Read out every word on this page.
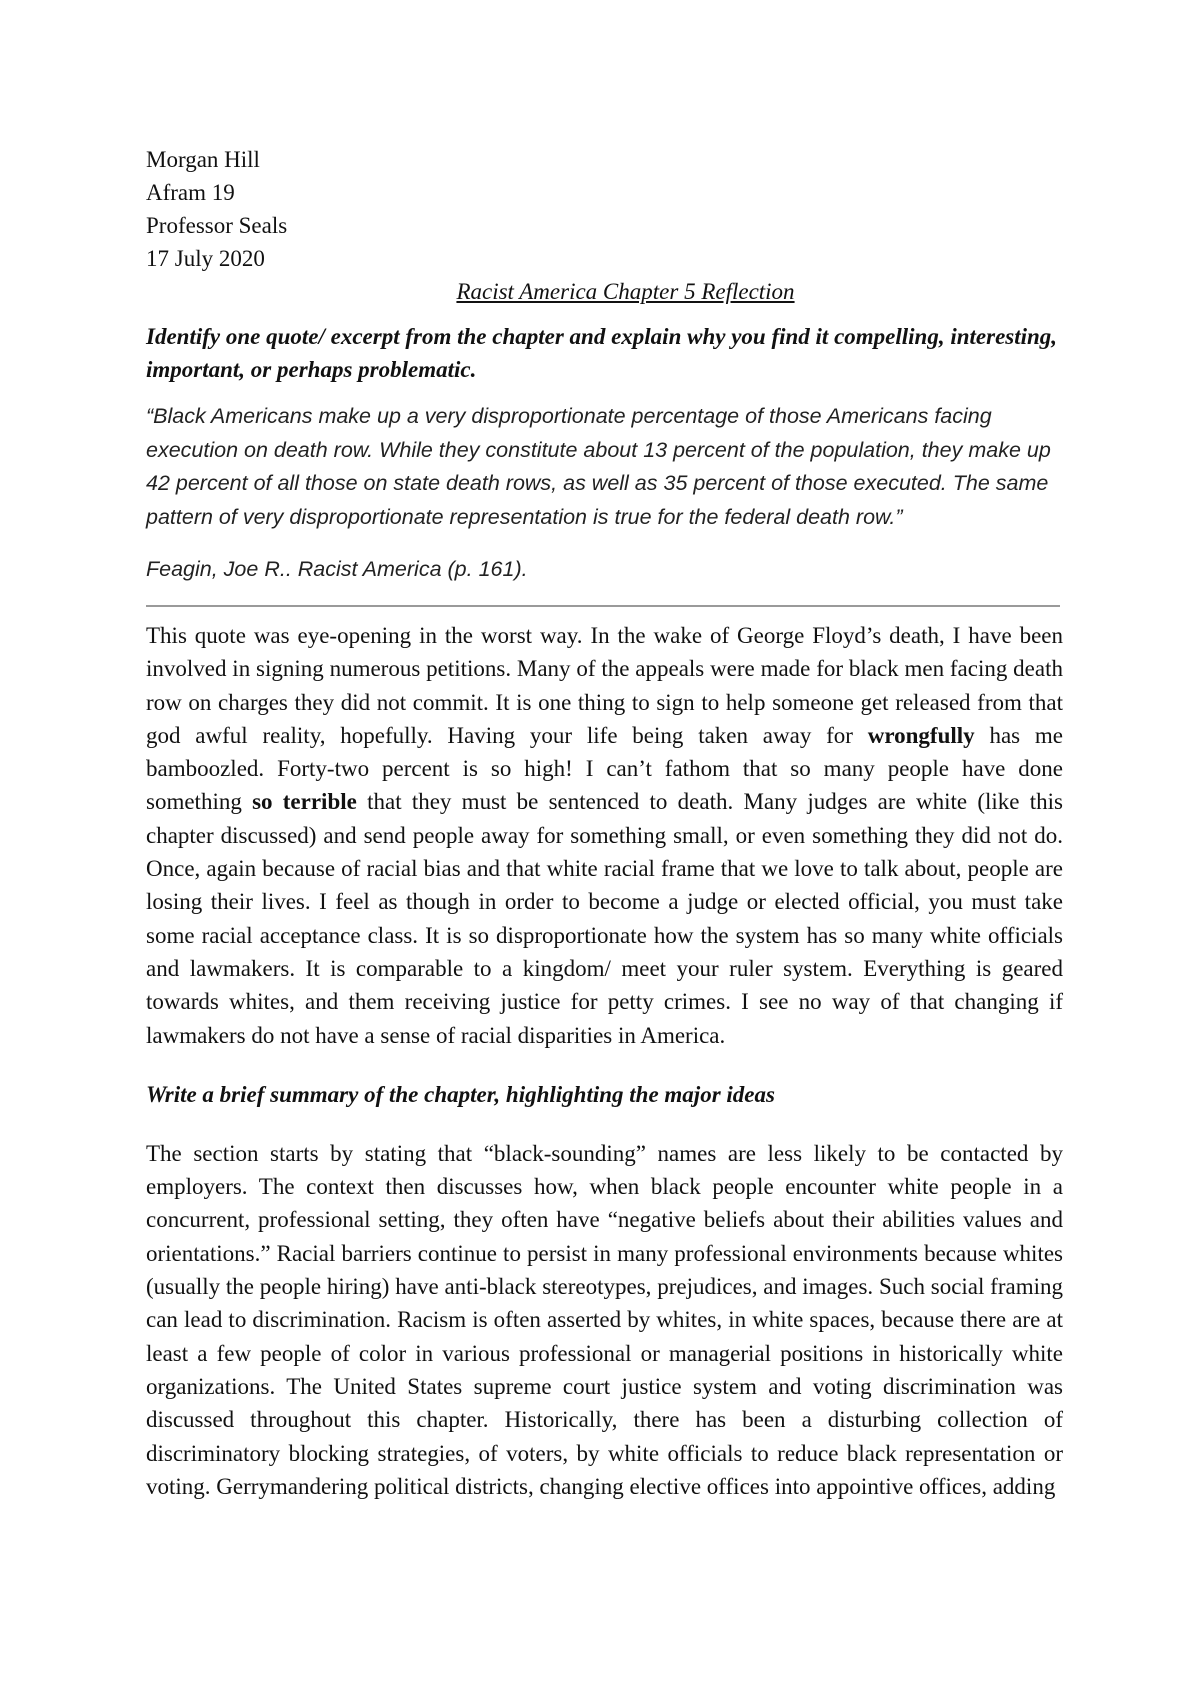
Morgan Hill

Afram 19

Professor Seals

17 July 2020

Racist America Chapter 5 Reflection

Identify one quote/ excerpt from the chapter and explain why you find it compelling, interesting, important, or perhaps problematic.

“Black Americans make up a very disproportionate percentage of those Americans facing execution on death row. While they constitute about 13 percent of the population, they make up 42 percent of all those on state death rows, as well as 35 percent of those executed. The same pattern of very disproportionate representation is true for the federal death row.”

Feagin, Joe R.. Racist America (p. 161).

This quote was eye-opening in the worst way. In the wake of George Floyd’s death, I have been involved in signing numerous petitions. Many of the appeals were made for black men facing death row on charges they did not commit. It is one thing to sign to help someone get released from that god awful reality, hopefully. Having your life being taken away for wrongfully has me bamboozled. Forty-two percent is so high! I can’t fathom that so many people have done something so terrible that they must be sentenced to death. Many judges are white (like this chapter discussed) and send people away for something small, or even something they did not do. Once, again because of racial bias and that white racial frame that we love to talk about, people are losing their lives. I feel as though in order to become a judge or elected official, you must take some racial acceptance class. It is so disproportionate how the system has so many white officials and lawmakers. It is comparable to a kingdom/ meet your ruler system. Everything is geared towards whites, and them receiving justice for petty crimes. I see no way of that changing if lawmakers do not have a sense of racial disparities in America.

Write a brief summary of the chapter, highlighting the major ideas

The section starts by stating that “black-sounding” names are less likely to be contacted by employers. The context then discusses how, when black people encounter white people in a concurrent, professional setting, they often have “negative beliefs about their abilities values and orientations.” Racial barriers continue to persist in many professional environments because whites (usually the people hiring) have anti-black stereotypes, prejudices, and images. Such social framing can lead to discrimination. Racism is often asserted by whites, in white spaces, because there are at least a few people of color in various professional or managerial positions in historically white organizations. The United States supreme court justice system and voting discrimination was discussed throughout this chapter. Historically, there has been a disturbing collection of discriminatory blocking strategies, of voters, by white officials to reduce black representation or voting. Gerrymandering political districts, changing elective offices into appointive offices, adding
